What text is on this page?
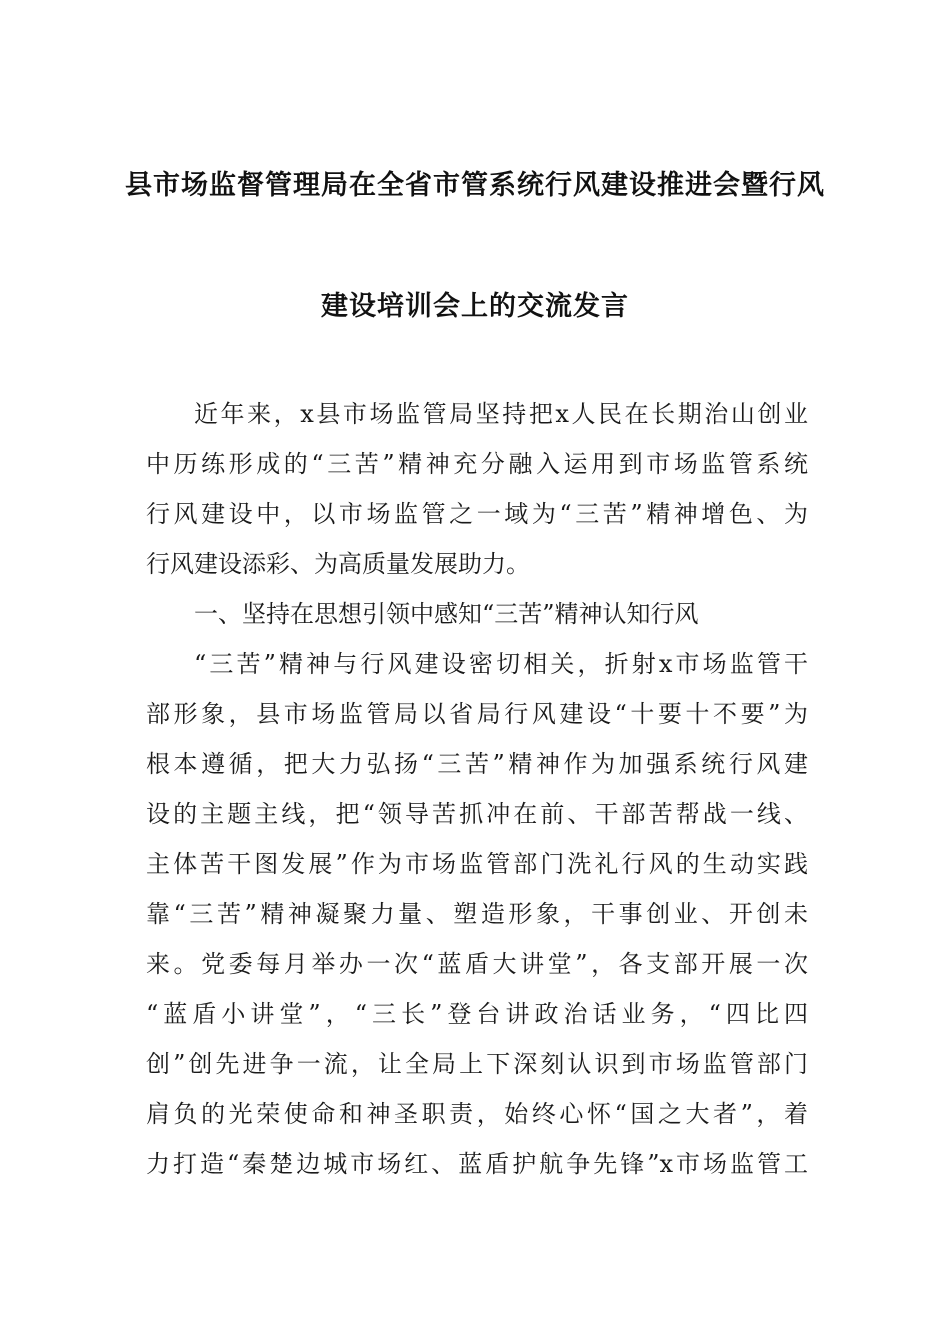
县市场监督管理局在全省市管系统行风建设推进会暨行风
建设培训会上的交流发言
近年来，x县市场监管局坚持把x人民在长期治山创业
中历练形成的“三苦”精神充分融入运用到市场监管系统
行风建设中，以市场监管之一域为“三苦”精神增色、为
行风建设添彩、为高质量发展助力。
一、坚持在思想引领中感知“三苦”精神认知行风
“三苦”精神与行风建设密切相关，折射x市场监管干
部形象，县市场监管局以省局行风建设“十要十不要”为
根本遵循，把大力弘扬“三苦”精神作为加强系统行风建
设的主题主线，把“领导苦抓冲在前、干部苦帮战一线、
主体苦干图发展”作为市场监管部门洗礼行风的生动实践
靠“三苦”精神凝聚力量、塑造形象，干事创业、开创未
来。党委每月举办一次“蓝盾大讲堂”，各支部开展一次
“蓝盾小讲堂”，“三长”登台讲政治话业务，“四比四
创”创先进争一流，让全局上下深刻认识到市场监管部门
肩负的光荣使命和神圣职责，始终心怀“国之大者”，着
力打造“秦楚边城市场红、蓝盾护航争先锋”x市场监管工
